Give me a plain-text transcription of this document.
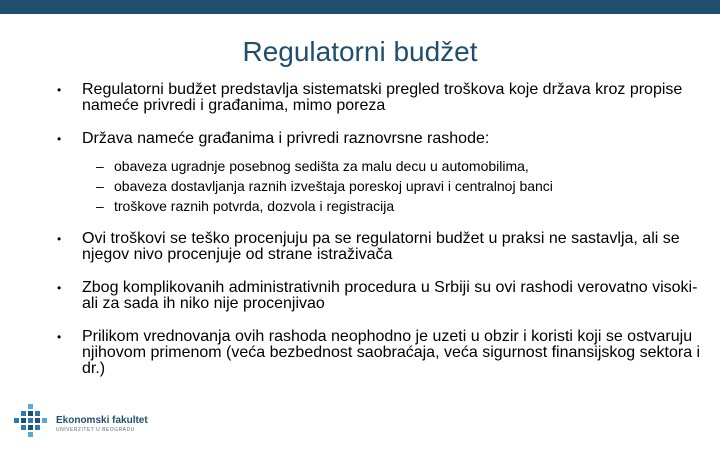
Regulatorni budžet
• Regulatorni budžet predstavlja sistematski pregled troškova koje država kroz propise nameće privredi i građanima, mimo poreza
• Država nameće građanima i privredi raznovrsne rashode:
– obaveza ugradnje posebnog sedišta za malu decu u automobilima,
– obaveza dostavljanja raznih izveštaja poreskoj upravi i centralnoj banci
– troškove raznih potvrda, dozvola i registracija
• Ovi troškovi se teško procenjuju pa se regulatorni budžet u praksi ne sastavlja, ali se njegov nivo procenjuje od strane istraživača
• Zbog komplikovanih administrativnih procedura u Srbiji su ovi rashodi verovatno visoki- ali za sada ih niko nije procenjivao
• Prilikom vrednovanja ovih rashoda neophodno je uzeti u obzir i koristi koji se ostvaruju njihovom primenom (veća bezbednost saobraćaja, veća sigurnost finansijskog sektora i dr.)
Ekonomski fakultet
UNIVERZITET U BEOGRADU
